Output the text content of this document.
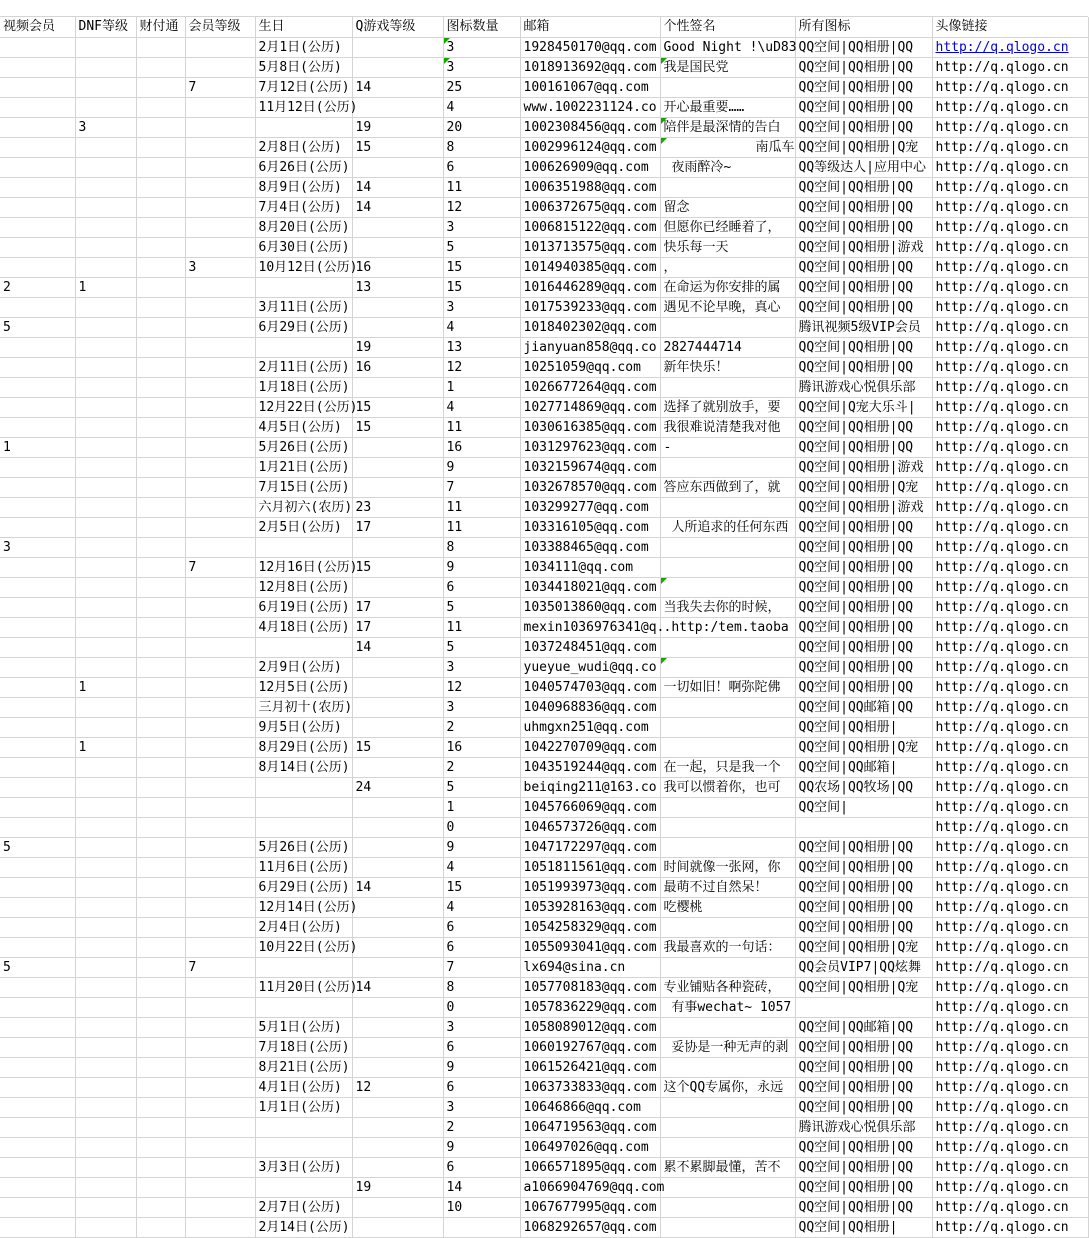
视频会员	DNF等级	财付通	会员等级	生日	Q游戏等级	图标数量	邮箱	个性签名	所有图标	头像链接
				2月1日(公历)		3	1928450170@qq.com	Good Night !\uD83	QQ空间|QQ相册|QQ	http://q.qlogo.cn
				5月8日(公历)		3	1018913692@qq.com	我是国民党	QQ空间|QQ相册|QQ	http://q.qlogo.cn
			7	7月12日(公历)	14	25	100161067@qq.com		QQ空间|QQ相册|QQ	http://q.qlogo.cn
				11月12日(公历)		4	www.1002231124.co	开心最重要……	QQ空间|QQ相册|QQ	http://q.qlogo.cn
	3				19	20	1002308456@qq.com	陪伴是最深情的告白	QQ空间|QQ相册|QQ	http://q.qlogo.cn
				2月8日(公历)	15	8	1002996124@qq.com	南瓜车	QQ空间|QQ相册|Q宠	http://q.qlogo.cn
				6月26日(公历)		6	100626909@qq.com	夜雨醉冷~	QQ等级达人|应用中心	http://q.qlogo.cn
				8月9日(公历)	14	11	1006351988@qq.com		QQ空间|QQ相册|QQ	http://q.qlogo.cn
				7月4日(公历)	14	12	1006372675@qq.com	留念	QQ空间|QQ相册|QQ	http://q.qlogo.cn
				8月20日(公历)		3	1006815122@qq.com	但愿你已经睡着了，	QQ空间|QQ相册|QQ	http://q.qlogo.cn
				6月30日(公历)		5	1013713575@qq.com	快乐每一天	QQ空间|QQ相册|游戏	http://q.qlogo.cn
			3	10月12日(公历)	16	15	1014940385@qq.com	，	QQ空间|QQ相册|QQ	http://q.qlogo.cn
2	1				13	15	1016446289@qq.com	在命运为你安排的属	QQ空间|QQ相册|QQ	http://q.qlogo.cn
				3月11日(公历)		3	1017539233@qq.com	遇见不论早晚，真心	QQ空间|QQ相册|QQ	http://q.qlogo.cn
5				6月29日(公历)		4	1018402302@qq.com		腾讯视频5级VIP会员	http://q.qlogo.cn
					19	13	jianyuan858@qq.co	2827444714	QQ空间|QQ相册|QQ	http://q.qlogo.cn
				2月11日(公历)	16	12	10251059@qq.com	新年快乐！	QQ空间|QQ相册|QQ	http://q.qlogo.cn
				1月18日(公历)		1	1026677264@qq.com		腾讯游戏心悦俱乐部	http://q.qlogo.cn
				12月22日(公历)	15	4	1027714869@qq.com	选择了就别放手，要	QQ空间|Q宠大乐斗|	http://q.qlogo.cn
				4月5日(公历)	15	11	1030616385@qq.com	我很难说清楚我对他	QQ空间|QQ相册|QQ	http://q.qlogo.cn
1				5月26日(公历)		16	1031297623@qq.com	-	QQ空间|QQ相册|QQ	http://q.qlogo.cn
				1月21日(公历)		9	1032159674@qq.com		QQ空间|QQ相册|游戏	http://q.qlogo.cn
				7月15日(公历)		7	1032678570@qq.com	答应东西做到了，就	QQ空间|QQ相册|Q宠	http://q.qlogo.cn
				六月初六(农历)	23	11	103299277@qq.com		QQ空间|QQ相册|游戏	http://q.qlogo.cn
				2月5日(公历)	17	11	103316105@qq.com	人所追求的任何东西	QQ空间|QQ相册|QQ	http://q.qlogo.cn
3						8	103388465@qq.com		QQ空间|QQ相册|QQ	http://q.qlogo.cn
			7	12月16日(公历)	15	9	1034111@qq.com		QQ空间|QQ相册|QQ	http://q.qlogo.cn
				12月8日(公历)		6	1034418021@qq.com		QQ空间|QQ相册|QQ	http://q.qlogo.cn
				6月19日(公历)	17	5	1035013860@qq.com	当我失去你的时候，	QQ空间|QQ相册|QQ	http://q.qlogo.cn
				4月18日(公历)	17	11	mexin1036976341@q.	.http:/tem.taoba	QQ空间|QQ相册|QQ	http://q.qlogo.cn
					14	5	1037248451@qq.com		QQ空间|QQ相册|QQ	http://q.qlogo.cn
				2月9日(公历)		3	yueyue_wudi@qq.co		QQ空间|QQ相册|QQ	http://q.qlogo.cn
	1			12月5日(公历)		12	1040574703@qq.com	一切如旧！啊弥陀佛	QQ空间|QQ相册|QQ	http://q.qlogo.cn
				三月初十(农历)		3	1040968836@qq.com		QQ空间|QQ邮箱|QQ	http://q.qlogo.cn
				9月5日(公历)		2	uhmgxn251@qq.com		QQ空间|QQ相册|	http://q.qlogo.cn
	1			8月29日(公历)	15	16	1042270709@qq.com		QQ空间|QQ相册|Q宠	http://q.qlogo.cn
				8月14日(公历)		2	1043519244@qq.com	在一起，只是我一个	QQ空间|QQ邮箱|	http://q.qlogo.cn
					24	5	beiqing211@163.co	我可以惯着你，也可	QQ农场|QQ牧场|QQ	http://q.qlogo.cn
						1	1045766069@qq.com		QQ空间|	http://q.qlogo.cn
						0	1046573726@qq.com			http://q.qlogo.cn
5				5月26日(公历)		9	1047172297@qq.com		QQ空间|QQ相册|QQ	http://q.qlogo.cn
				11月6日(公历)		4	1051811561@qq.com	时间就像一张网，你	QQ空间|QQ相册|QQ	http://q.qlogo.cn
				6月29日(公历)	14	15	1051993973@qq.com	最萌不过自然呆！	QQ空间|QQ相册|QQ	http://q.qlogo.cn
				12月14日(公历)		4	1053928163@qq.com	吃樱桃	QQ空间|QQ相册|QQ	http://q.qlogo.cn
				2月4日(公历)		6	1054258329@qq.com		QQ空间|QQ相册|QQ	http://q.qlogo.cn
				10月22日(公历)		6	1055093041@qq.com	我最喜欢的一句话：	QQ空间|QQ相册|Q宠	http://q.qlogo.cn
5			7			7	lx694@sina.cn		QQ会员VIP7|QQ炫舞	http://q.qlogo.cn
				11月20日(公历)	14	8	1057708183@qq.com	专业铺贴各种瓷砖，	QQ空间|QQ相册|Q宠	http://q.qlogo.cn
						0	1057836229@qq.com	有事wechat~ 1057		http://q.qlogo.cn
				5月1日(公历)		3	1058089012@qq.com		QQ空间|QQ邮箱|QQ	http://q.qlogo.cn
				7月18日(公历)		6	1060192767@qq.com	妥协是一种无声的剥	QQ空间|QQ相册|QQ	http://q.qlogo.cn
				8月21日(公历)		9	1061526421@qq.com		QQ空间|QQ相册|QQ	http://q.qlogo.cn
				4月1日(公历)	12	6	1063733833@qq.com	这个QQ专属你，永远	QQ空间|QQ相册|QQ	http://q.qlogo.cn
				1月1日(公历)		3	10646866@qq.com		QQ空间|QQ相册|QQ	http://q.qlogo.cn
						2	1064719563@qq.com		腾讯游戏心悦俱乐部	http://q.qlogo.cn
						9	106497026@qq.com		QQ空间|QQ相册|QQ	http://q.qlogo.cn
				3月3日(公历)		6	1066571895@qq.com	累不累脚最懂，苦不	QQ空间|QQ相册|QQ	http://q.qlogo.cn
					19	14	a1066904769@qq.com		QQ空间|QQ相册|QQ	http://q.qlogo.cn
				2月7日(公历)		10	1067677995@qq.com		QQ空间|QQ相册|QQ	http://q.qlogo.cn
				2月14日(公历)			1068292657@qq.com		QQ空间|QQ相册|	http://q.qlogo.cn
